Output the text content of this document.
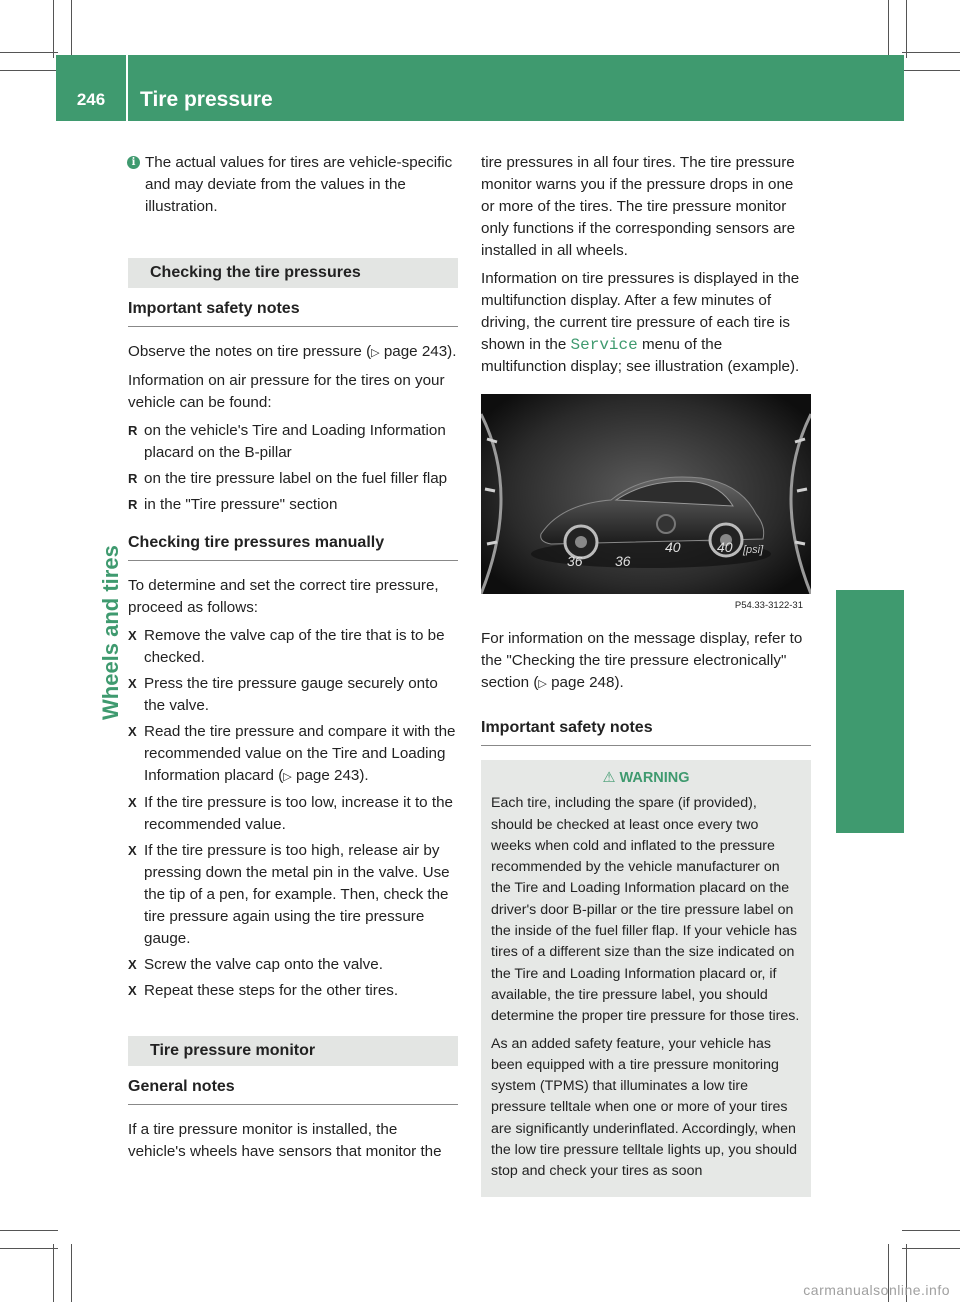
246	Tire pressure
Wheels and tires

i The actual values for tires are vehicle-specific and may deviate from the values in the illustration.

Checking the tire pressures
Important safety notes

Observe the notes on tire pressure (▷ page 243).

Information on air pressure for the tires on your vehicle can be found:

R on the vehicle's Tire and Loading Information placard on the B-pillar
R on the tire pressure label on the fuel filler flap
R in the "Tire pressure" section
Checking tire pressures manually

To determine and set the correct tire pressure, proceed as follows:

X Remove the valve cap of the tire that is to be checked.
X Press the tire pressure gauge securely onto the valve.
X Read the tire pressure and compare it with the recommended value on the Tire and Loading Information placard (▷ page 243).
X If the tire pressure is too low, increase it to the recommended value.
X If the tire pressure is too high, release air by pressing down the metal pin in the valve. Use the tip of a pen, for example. Then, check the tire pressure again using the tire pressure gauge.
X Screw the valve cap onto the valve.
X Repeat these steps for the other tires.
Tire pressure monitor
General notes

If a tire pressure monitor is installed, the vehicle's wheels have sensors that monitor the

tire pressures in all four tires. The tire pressure monitor warns you if the pressure drops in one or more of the tires. The tire pressure monitor only functions if the corresponding sensors are installed in all wheels.

Information on tire pressures is displayed in the multifunction display. After a few minutes of driving, the current tire pressure of each tire is shown in the Service menu of the multifunction display; see illustration (example).

36 36
40	40 [psi]
P54.33-3122-31

For information on the message display, refer to the "Checking the tire pressure electronically" section (▷ page 248).

Important safety notes
⚠ WARNING

Each tire, including the spare (if provided), should be checked at least once every two weeks when cold and inflated to the pressure recommended by the vehicle manufacturer on the Tire and Loading Information placard on the driver's door B-pillar or the tire pressure label on the inside of the fuel filler flap. If your vehicle has tires of a different size than the size indicated on the Tire and Loading Information placard or, if available, the tire pressure label, you should determine the proper tire pressure for those tires.

As an added safety feature, your vehicle has been equipped with a tire pressure monitoring system (TPMS) that illuminates a low tire pressure telltale when one or more of your tires are significantly underinflated. Accordingly, when the low tire pressure telltale lights up, you should stop and check your tires as soon

carmanualsonline.info
